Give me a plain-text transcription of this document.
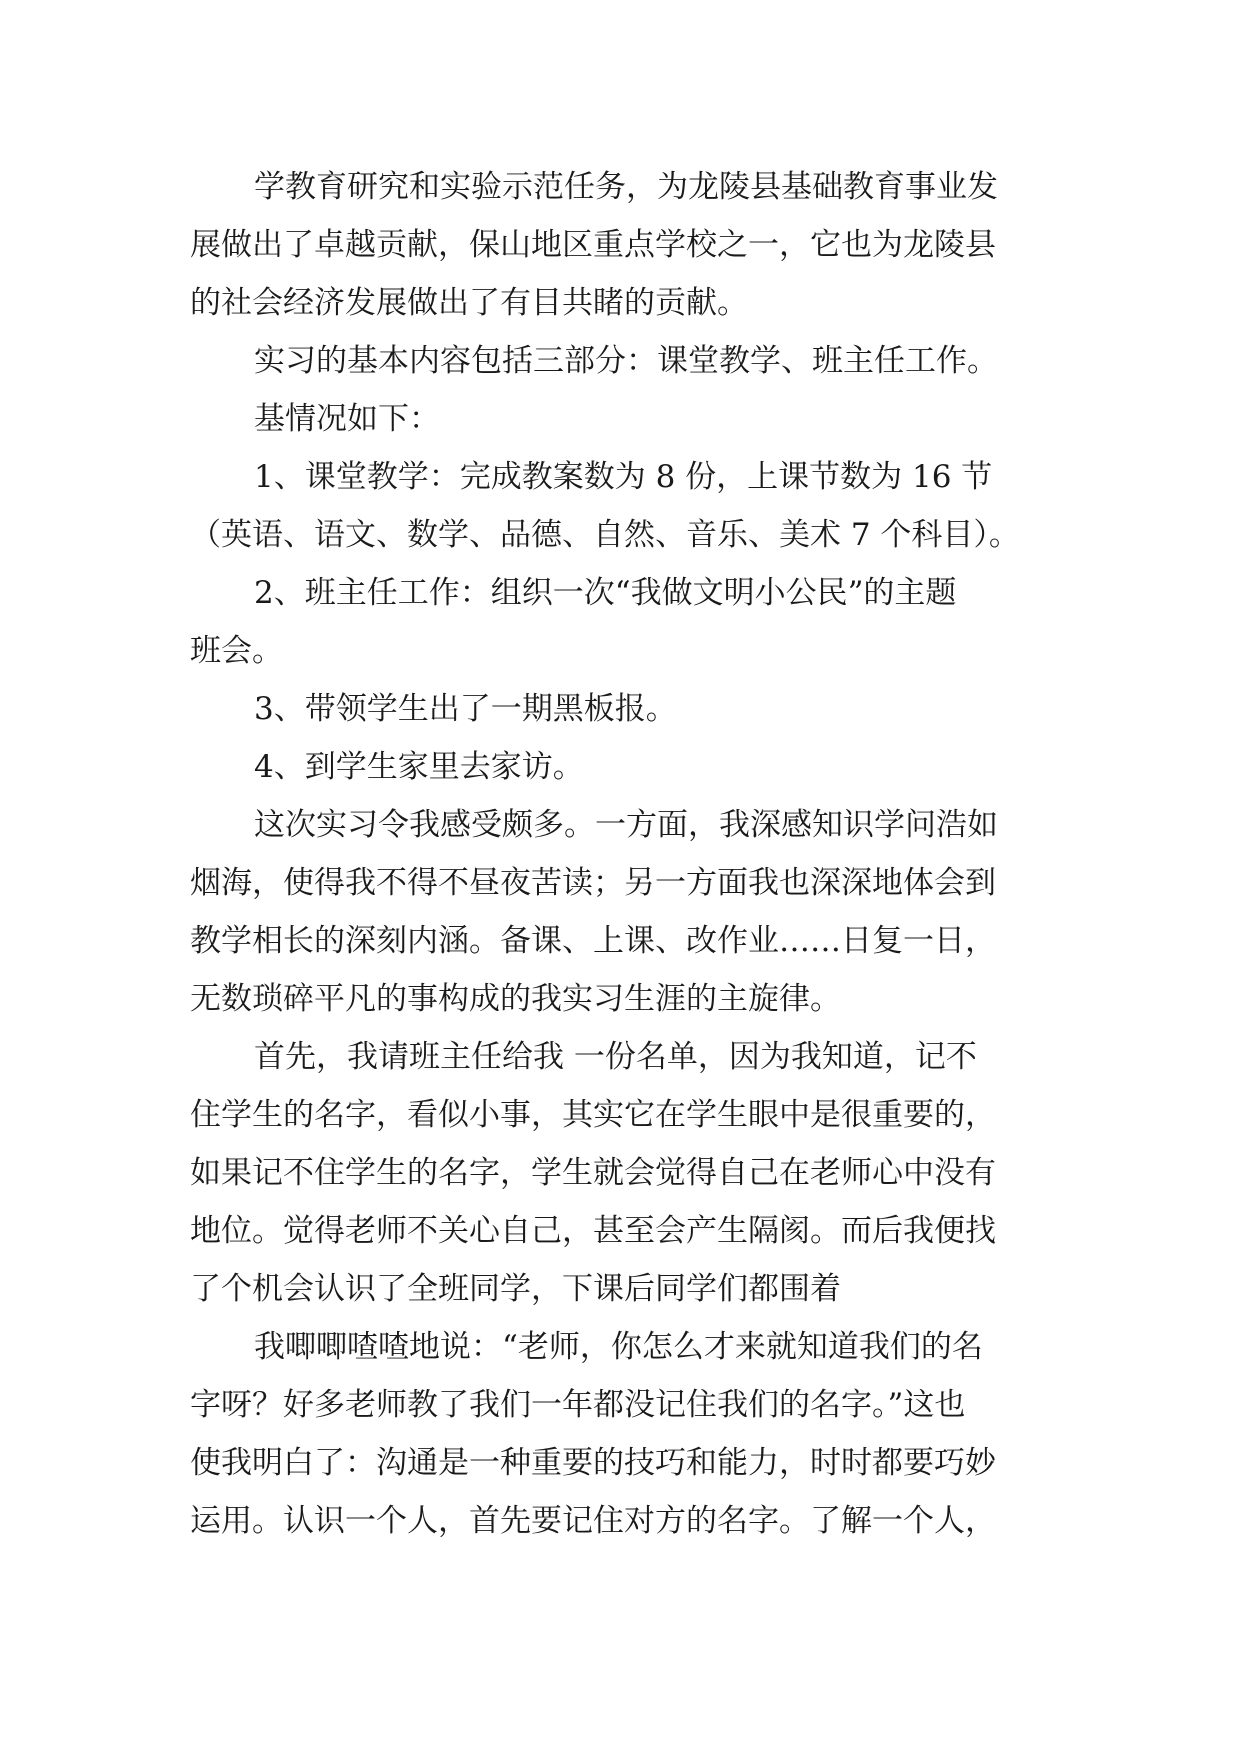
学教育研究和实验示范任务，为龙陵县基础教育事业发
展做出了卓越贡献，保山地区重点学校之一，它也为龙陵县
的社会经济发展做出了有目共睹的贡献。
实习的基本内容包括三部分：课堂教学、班主任工作。
基情况如下：
1、课堂教学：完成教案数为 8 份，上课节数为 16 节
（英语、语文、数学、品德、自然、音乐、美术 7 个科目）。
2、班主任工作：组织一次“我做文明小公民”的主题
班会。
3、带领学生出了一期黑板报。
4、到学生家里去家访。
这次实习令我感受颇多。一方面，我深感知识学问浩如
烟海，使得我不得不昼夜苦读；另一方面我也深深地体会到
教学相长的深刻内涵。备课、上课、改作业……日复一日，
无数琐碎平凡的事构成的我实习生涯的主旋律。
首先，我请班主任给我 一份名单，因为我知道，记不
住学生的名字，看似小事，其实它在学生眼中是很重要的，
如果记不住学生的名字，学生就会觉得自己在老师心中没有
地位。觉得老师不关心自己，甚至会产生隔阂。而后我便找
了个机会认识了全班同学，下课后同学们都围着
我唧唧喳喳地说：“老师，你怎么才来就知道我们的名
字呀？好多老师教了我们一年都没记住我们的名字。”这也
使我明白了：沟通是一种重要的技巧和能力，时时都要巧妙
运用。认识一个人，首先要记住对方的名字。了解一个人，
